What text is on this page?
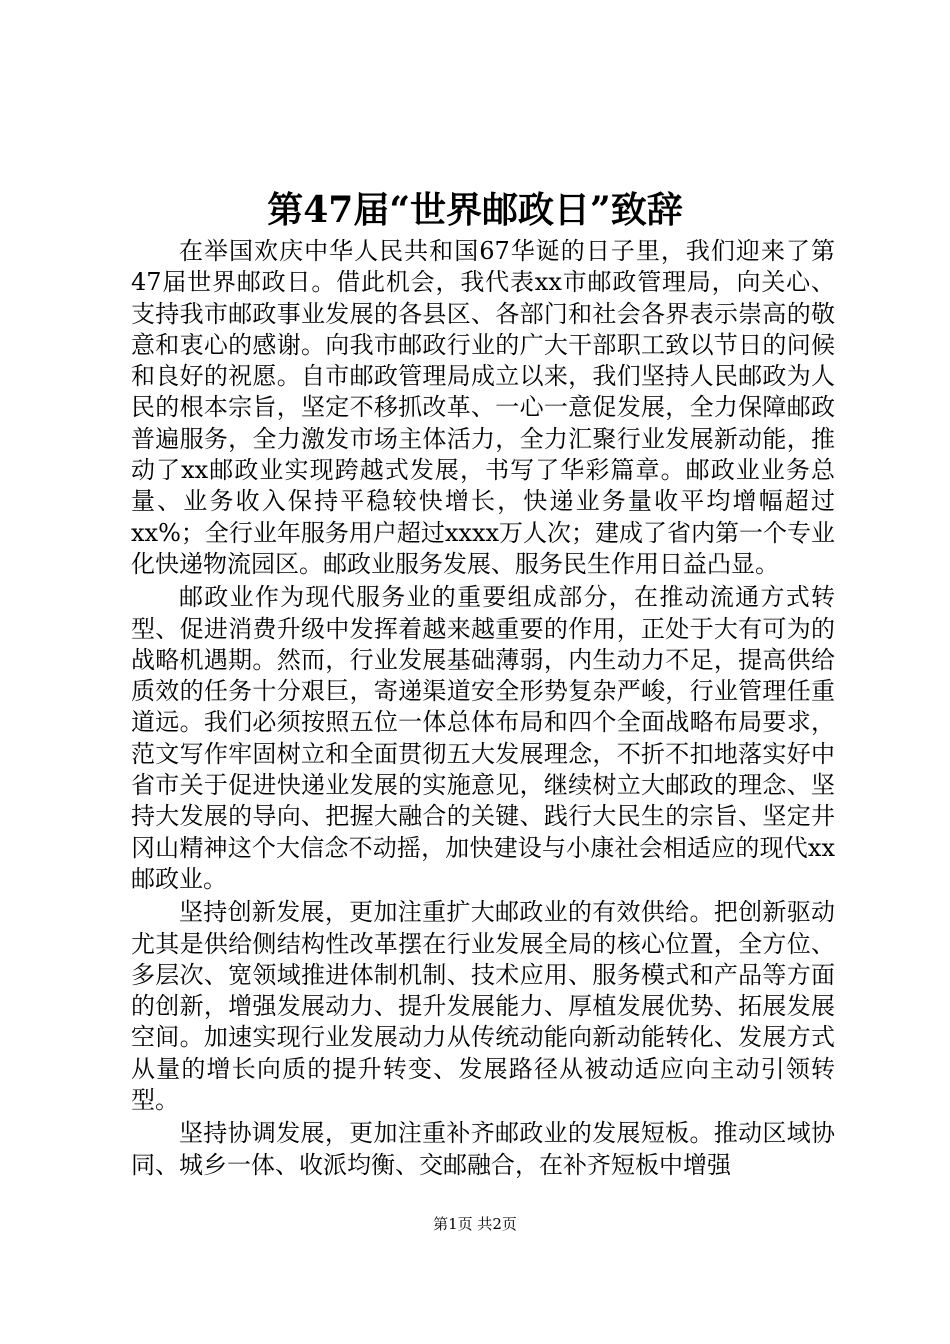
第47届“世界邮政日”致辞

在举国欢庆中华人民共和国67华诞的日子里，我们迎来了第47届世界邮政日。借此机会，我代表xx市邮政管理局，向关心、支持我市邮政事业发展的各县区、各部门和社会各界表示崇高的敬意和衷心的感谢。向我市邮政行业的广大干部职工致以节日的问候和良好的祝愿。自市邮政管理局成立以来，我们坚持人民邮政为人民的根本宗旨，坚定不移抓改革、一心一意促发展，全力保障邮政普遍服务，全力激发市场主体活力，全力汇聚行业发展新动能，推动了xx邮政业实现跨越式发展，书写了华彩篇章。邮政业业务总量、业务收入保持平稳较快增长，快递业务量收平均增幅超过xx%；全行业年服务用户超过xxxx万人次；建成了省内第一个专业化快递物流园区。邮政业服务发展、服务民生作用日益凸显。

邮政业作为现代服务业的重要组成部分，在推动流通方式转型、促进消费升级中发挥着越来越重要的作用，正处于大有可为的战略机遇期。然而，行业发展基础薄弱，内生动力不足，提高供给质效的任务十分艰巨，寄递渠道安全形势复杂严峻，行业管理任重道远。我们必须按照五位一体总体布局和四个全面战略布局要求，范文写作牢固树立和全面贯彻五大发展理念，不折不扣地落实好中省市关于促进快递业发展的实施意见，继续树立大邮政的理念、坚持大发展的导向、把握大融合的关键、践行大民生的宗旨、坚定井冈山精神这个大信念不动摇，加快建设与小康社会相适应的现代xx邮政业。

坚持创新发展，更加注重扩大邮政业的有效供给。把创新驱动尤其是供给侧结构性改革摆在行业发展全局的核心位置，全方位、多层次、宽领域推进体制机制、技术应用、服务模式和产品等方面的创新，增强发展动力、提升发展能力、厚植发展优势、拓展发展空间。加速实现行业发展动力从传统动能向新动能转化、发展方式从量的增长向质的提升转变、发展路径从被动适应向主动引领转型。

坚持协调发展，更加注重补齐邮政业的发展短板。推动区域协同、城乡一体、收派均衡、交邮融合，在补齐短板中增强

第1页 共2页
